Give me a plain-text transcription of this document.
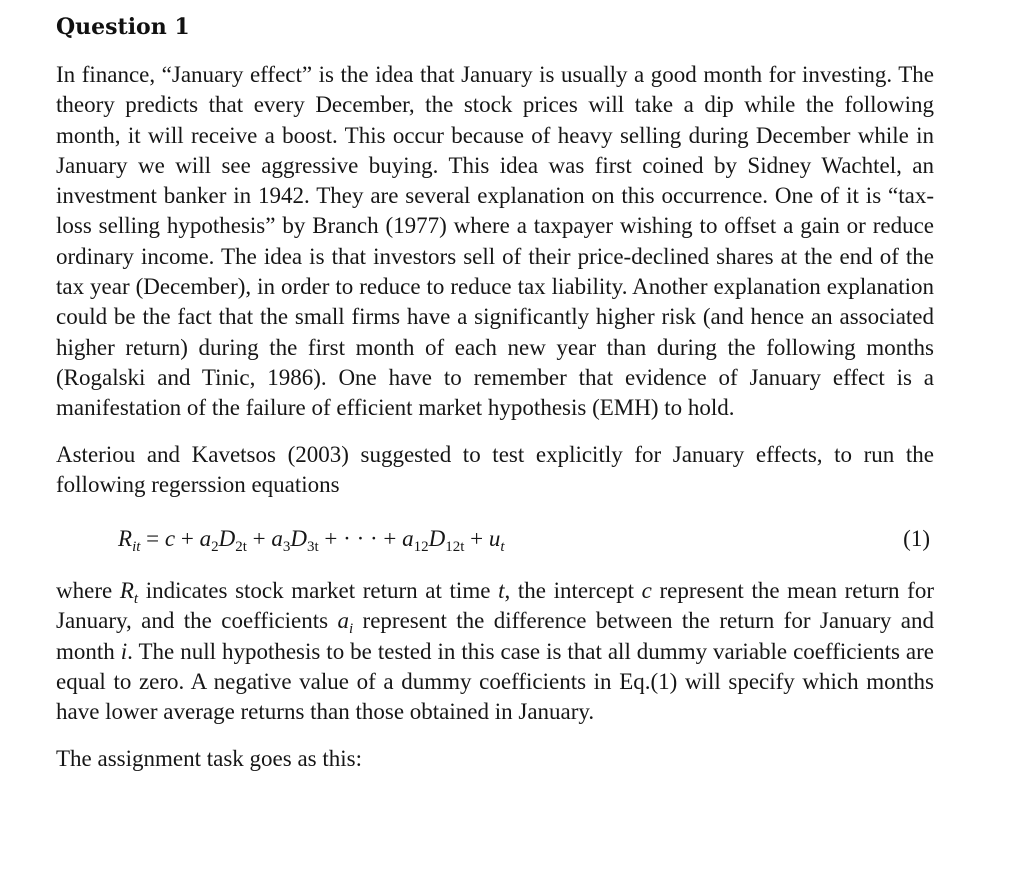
Question 1

In finance, “January effect” is the idea that January is usually a good month for investing. The theory predicts that every December, the stock prices will take a dip while the following month, it will receive a boost. This occur because of heavy selling during December while in January we will see aggressive buying. This idea was first coined by Sidney Wachtel, an investment banker in 1942. They are several explanation on this occurrence. One of it is “tax-loss selling hypothesis” by Branch (1977) where a taxpayer wishing to offset a gain or reduce ordinary income. The idea is that investors sell of their price-declined shares at the end of the tax year (December), in order to reduce to reduce tax liability. Another explanation explanation could be the fact that the small firms have a significantly higher risk (and hence an associated higher return) during the first month of each new year than during the following months (Rogalski and Tinic, 1986). One have to remember that evidence of January effect is a manifestation of the failure of efficient market hypothesis (EMH) to hold.

Asteriou and Kavetsos (2003) suggested to test explicitly for January effects, to run the following regerssion equations

$R_{it} = c + a_2D_{2t} + a_3D_{3t}$ + · · · + $a_{12}D_{12t} + u_t$	(1)

where $R_t$ indicates stock market return at time t, the intercept c represent the mean return for January, and the coefficients $a_i$ represent the difference between the return for January and month i. The null hypothesis to be tested in this case is that all dummy variable coefficients are equal to zero. A negative value of a dummy coefficients in Eq.(1) will specify which months have lower average returns than those obtained in January.

The assignment task goes as this:
